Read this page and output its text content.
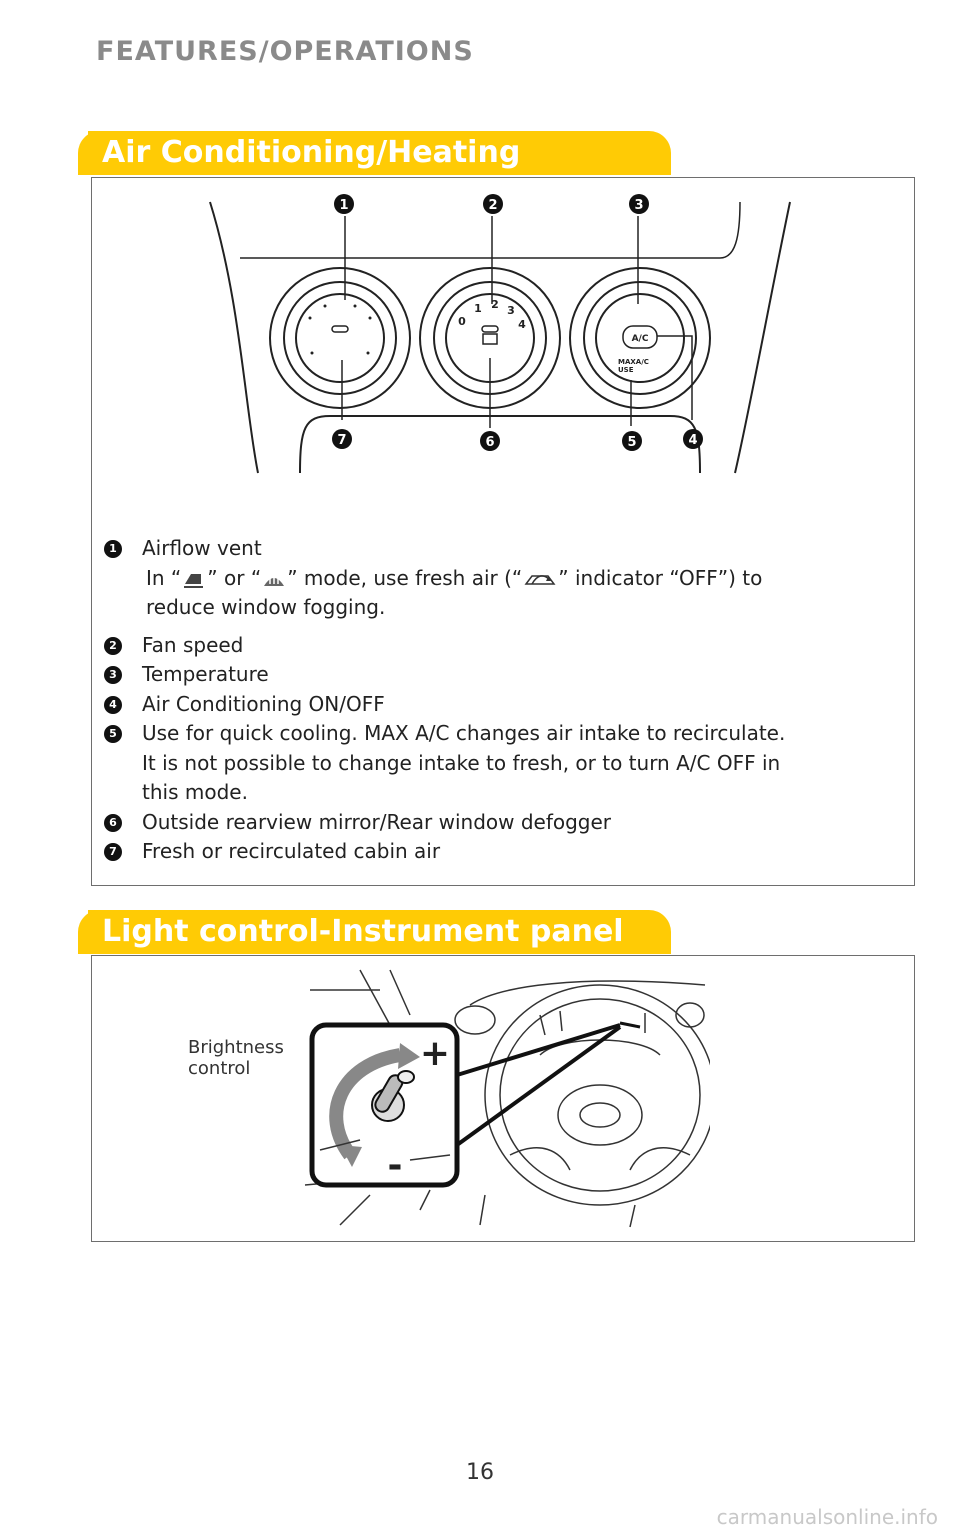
FEATURES/OPERATIONS
Air Conditioning/Heating
A/C
MAXA/C
USE
0
1 2 3
4
1	2	3
7	6	5	4
1 Airflow vent
In “ ” or “ ” mode, use fresh air (“ ” indicator “OFF”) to
reduce window fogging.
2 Fan speed
3 Temperature
4 Air Conditioning ON/OFF
5 Use for quick cooling. MAX A/C changes air intake to recirculate.
It is not possible to change intake to fresh, or to turn A/C OFF in
this mode.
6 Outside rearview mirror/Rear window defogger
7 Fresh or recirculated cabin air
Light control-Instrument panel
Brightness
control	+
-
16
carmanualsonline.info
